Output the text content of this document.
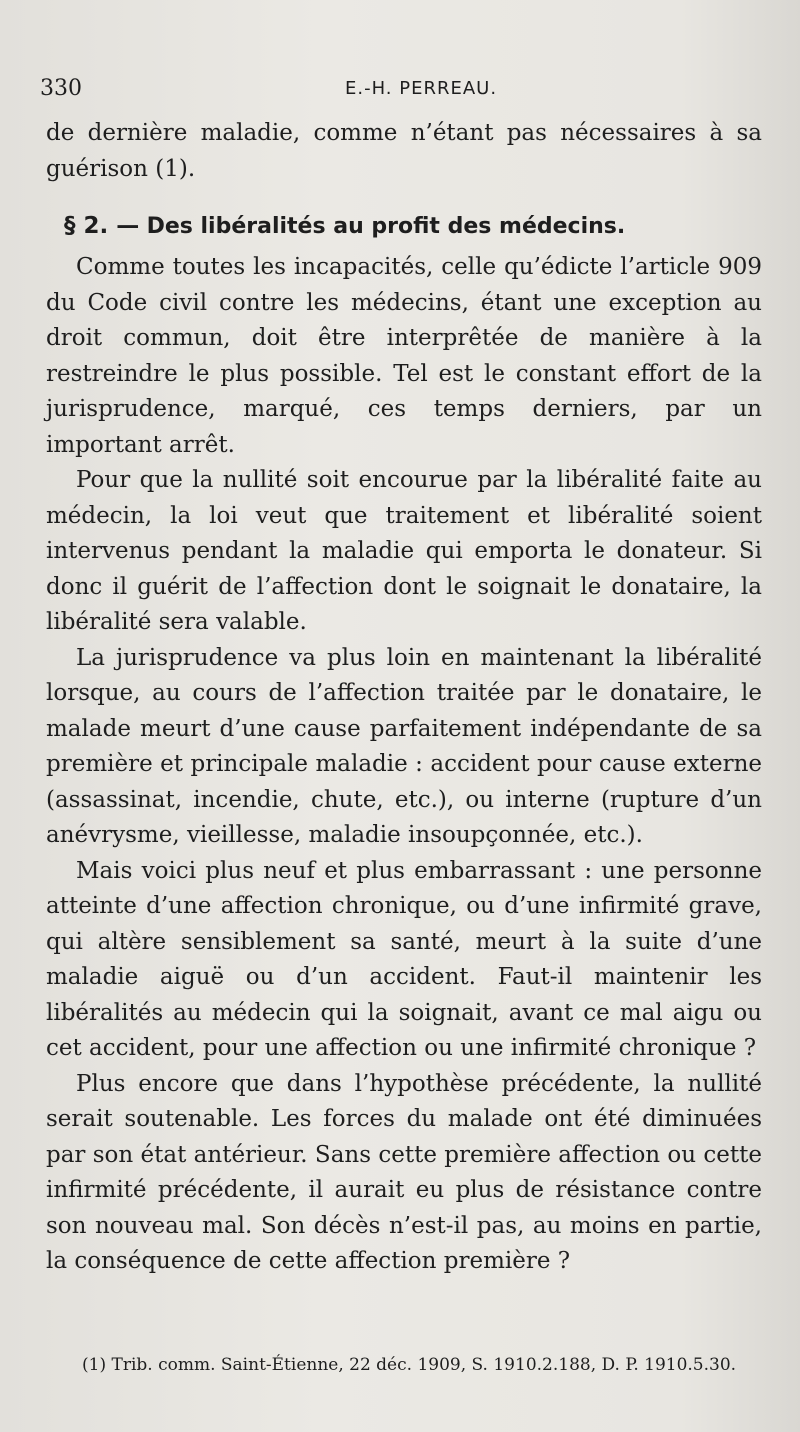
330	E.-H. PERREAU.

de dernière maladie, comme n’étant pas nécessaires à sa guérison (1).

§ 2. — Des libéralités au profit des médecins.

Comme toutes les incapacités, celle qu’édicte l’article 909 du Code civil contre les médecins, étant une exception au droit commun, doit être interprêtée de manière à la restreindre le plus possible. Tel est le constant effort de la jurisprudence, marqué, ces temps derniers, par un important arrêt.

Pour que la nullité soit encourue par la libéralité faite au médecin, la loi veut que traitement et libéralité soient intervenus pendant la maladie qui emporta le donateur. Si donc il guérit de l’affection dont le soignait le donataire, la libéralité sera valable.

La jurisprudence va plus loin en maintenant la libéralité lorsque, au cours de l’affection traitée par le donataire, le malade meurt d’une cause parfaitement indépendante de sa première et principale maladie : accident pour cause externe (assassinat, incendie, chute, etc.), ou interne (rupture d’un anévrysme, vieillesse, maladie insoupçonnée, etc.).

Mais voici plus neuf et plus embarrassant : une personne atteinte d’une affection chronique, ou d’une infirmité grave, qui altère sensiblement sa santé, meurt à la suite d’une maladie aiguë ou d’un accident. Faut-il maintenir les libéralités au médecin qui la soignait, avant ce mal aigu ou cet accident, pour une affection ou une infirmité chronique ?

Plus encore que dans l’hypothèse précédente, la nullité serait soutenable. Les forces du malade ont été diminuées par son état antérieur. Sans cette première affection ou cette infirmité précédente, il aurait eu plus de résistance contre son nouveau mal. Son décès n’est-il pas, au moins en partie, la conséquence de cette affection première ?

(1) Trib. comm. Saint-Étienne, 22 déc. 1909, S. 1910.2.188, D. P. 1910.5.30.
